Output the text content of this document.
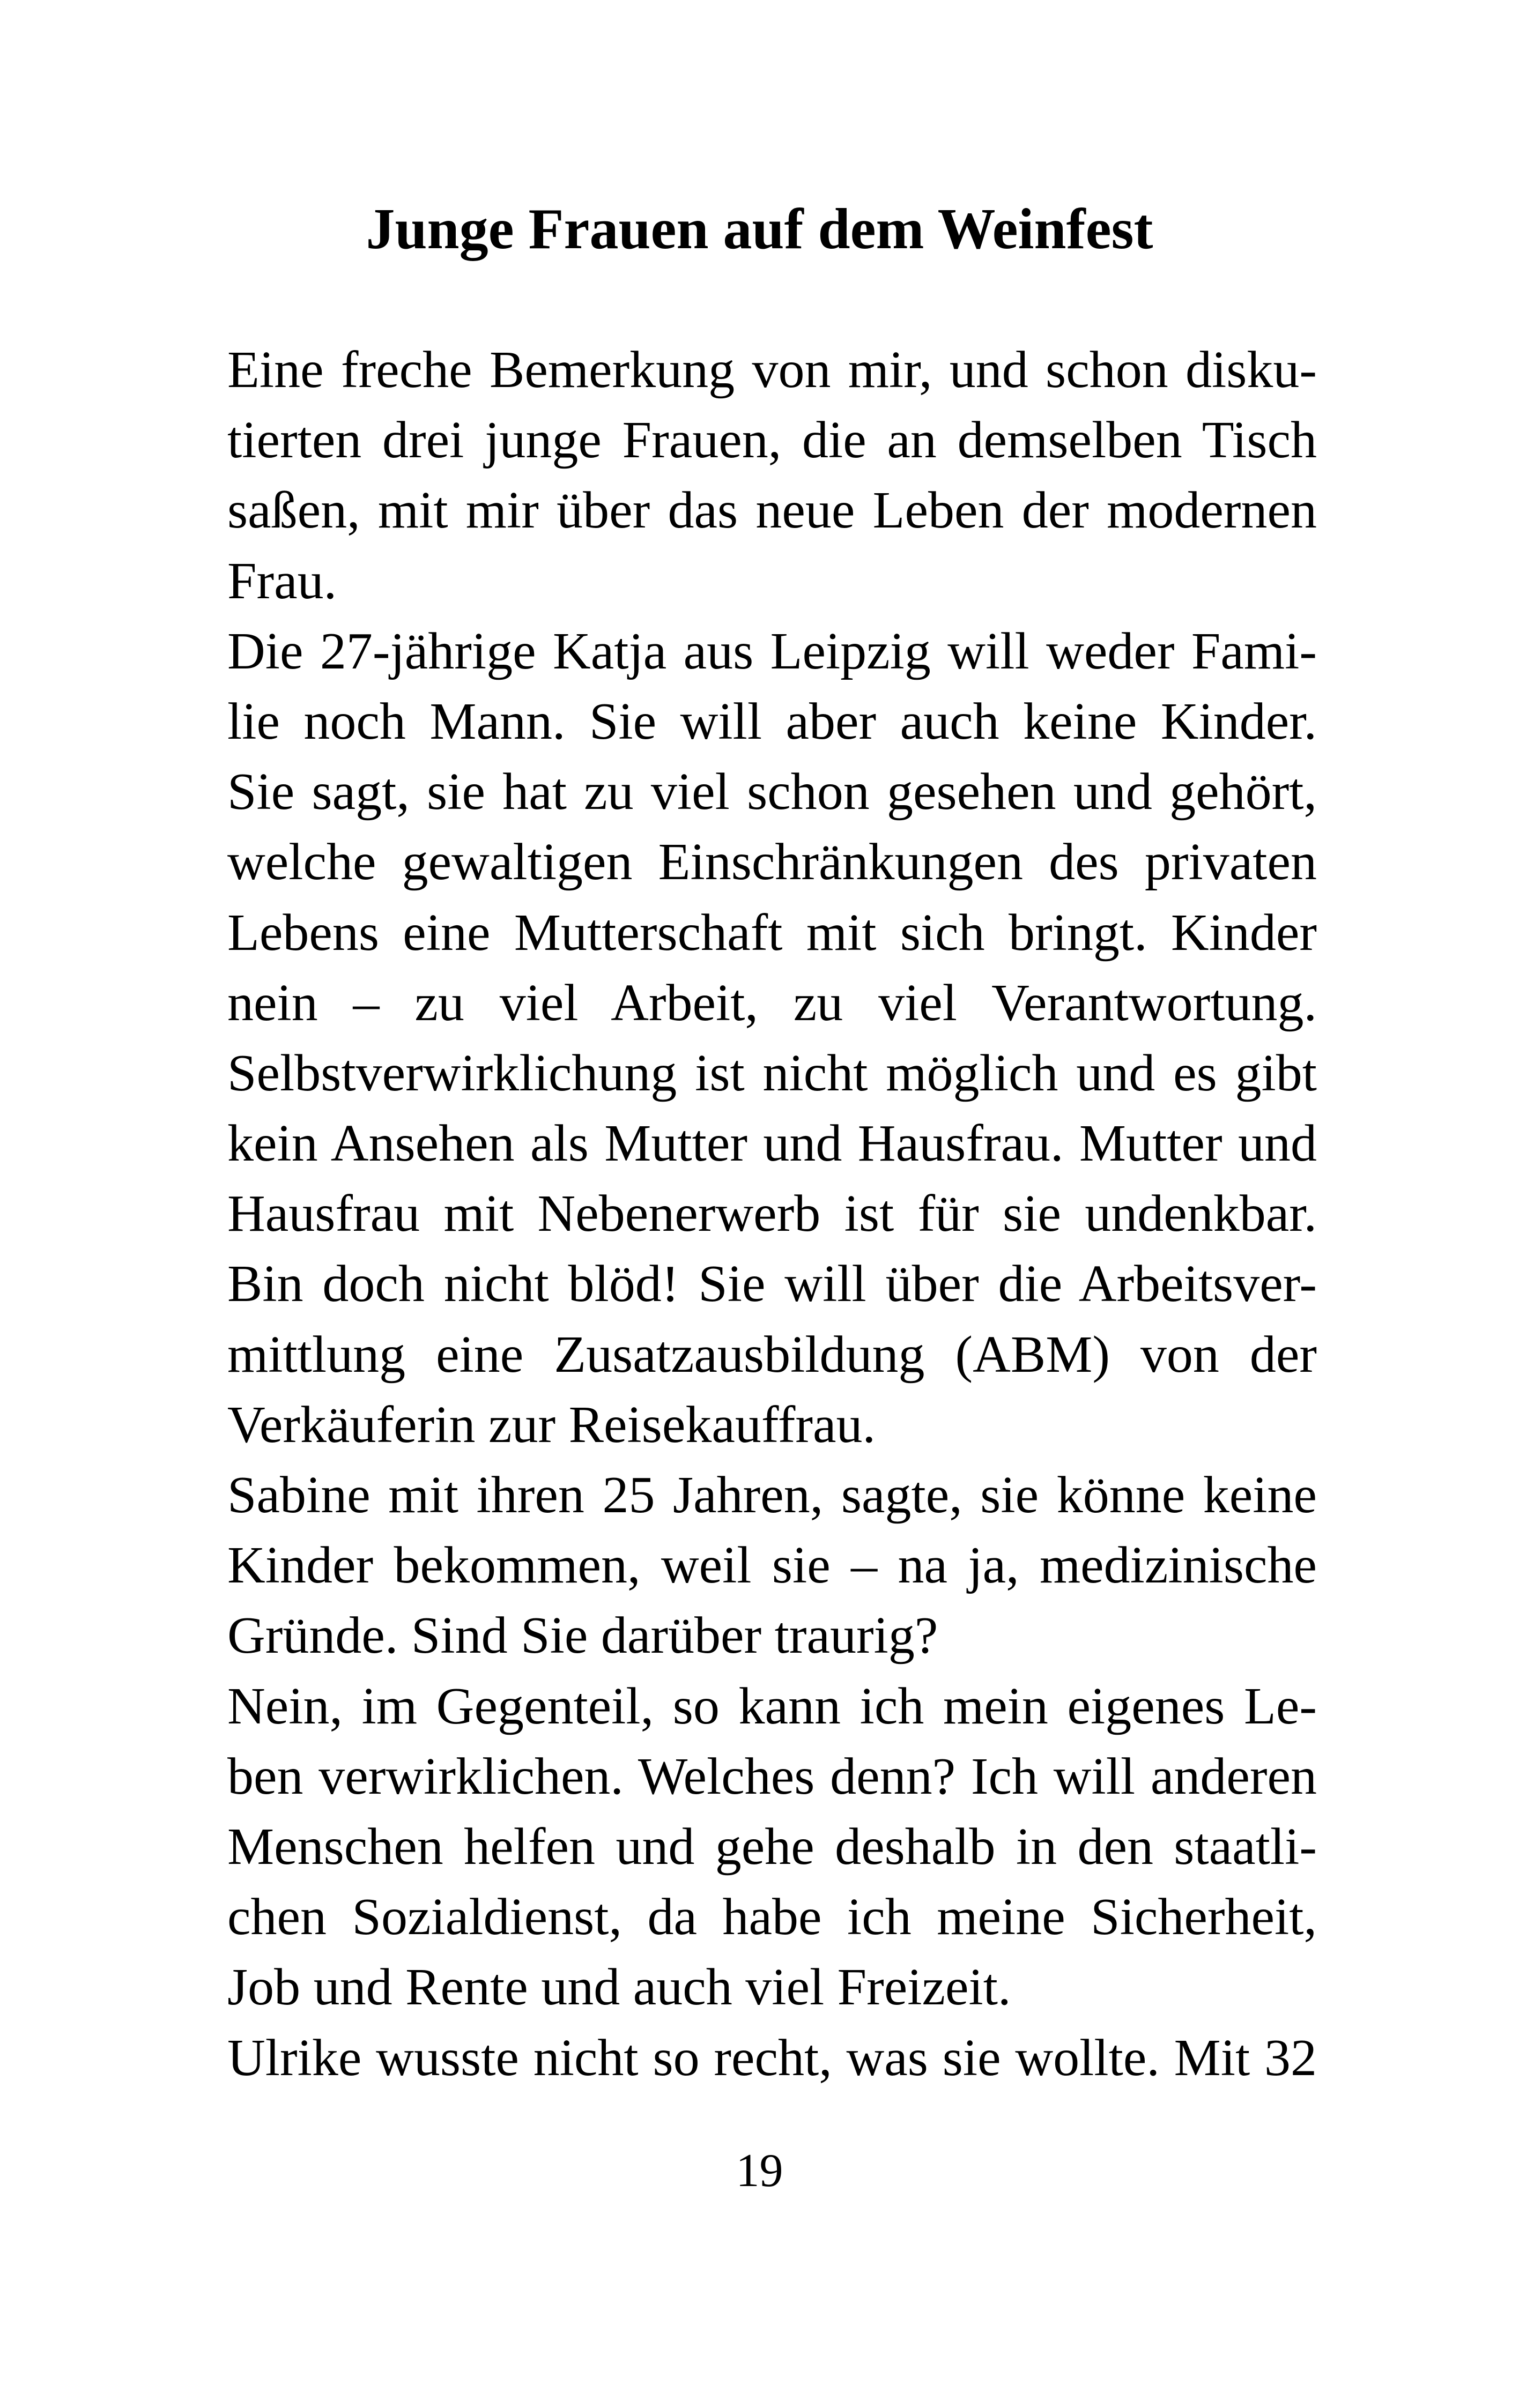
Junge Frauen auf dem Weinfest
Eine freche Bemerkung von mir, und schon disku-
tierten drei junge Frauen, die an demselben Tisch
saßen, mit mir über das neue Leben der modernen
Frau.
Die 27-jährige Katja aus Leipzig will weder Fami-
lie noch Mann. Sie will aber auch keine Kinder.
Sie sagt, sie hat zu viel schon gesehen und gehört,
welche gewaltigen Einschränkungen des privaten
Lebens eine Mutterschaft mit sich bringt. Kinder
nein – zu viel Arbeit, zu viel Verantwortung.
Selbstverwirklichung ist nicht möglich und es gibt
kein Ansehen als Mutter und Hausfrau. Mutter und
Hausfrau mit Nebenerwerb ist für sie undenkbar.
Bin doch nicht blöd! Sie will über die Arbeitsver-
mittlung eine Zusatzausbildung (ABM) von der
Verkäuferin zur Reisekauffrau.
Sabine mit ihren 25 Jahren, sagte, sie könne keine
Kinder bekommen, weil sie – na ja, medizinische
Gründe. Sind Sie darüber traurig?
Nein, im Gegenteil, so kann ich mein eigenes Le-
ben verwirklichen. Welches denn? Ich will anderen
Menschen helfen und gehe deshalb in den staatli-
chen Sozialdienst, da habe ich meine Sicherheit,
Job und Rente und auch viel Freizeit.
Ulrike wusste nicht so recht, was sie wollte. Mit 32
19
